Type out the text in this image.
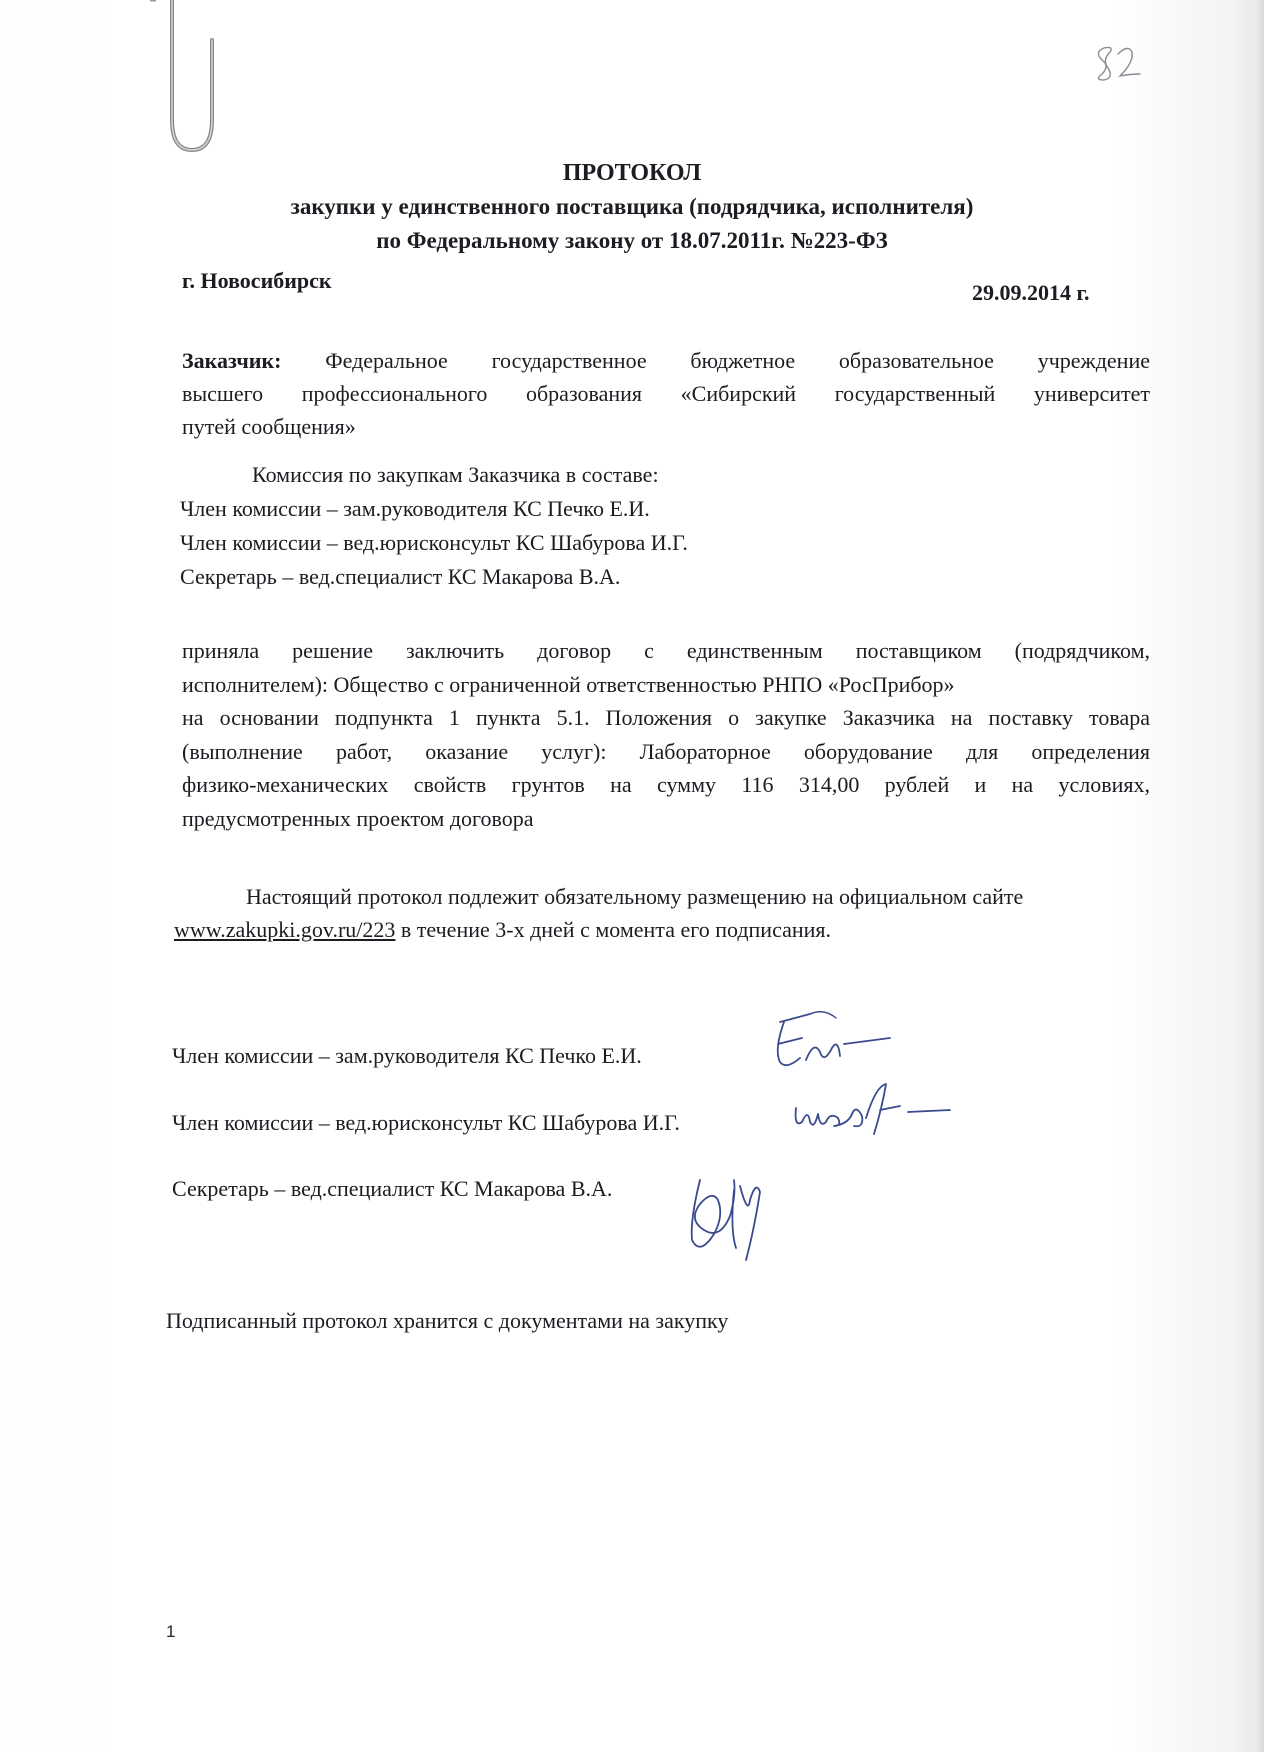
ПРОТОКОЛ
закупки у единственного поставщика (подрядчика, исполнителя)
по Федеральному закону от 18.07.2011г. №223-ФЗ
г. Новосибирск	29.09.2014 г.
Заказчик: Федеральное государственное бюджетное образовательное учреждение
высшего профессионального образования «Сибирский государственный университет
путей сообщения»
Комиссия по закупкам Заказчика в составе:
Член комиссии – зам.руководителя КС Печко Е.И.
Член комиссии – вед.юрисконсульт КС Шабурова И.Г.
Секретарь – вед.специалист КС Макарова В.А.
приняла решение заключить договор с единственным поставщиком (подрядчиком,
исполнителем): Общество с ограниченной ответственностью РНПО «РосПрибор»
на основании подпункта 1 пункта 5.1. Положения о закупке Заказчика на поставку товара
(выполнение работ, оказание услуг): Лабораторное оборудование для определения
физико-механических свойств грунтов на сумму 116 314,00 рублей и на условиях,
предусмотренных проектом договора
Настоящий протокол подлежит обязательному размещению на официальном сайте
www.zakupki.gov.ru/223 в течение 3-х дней с момента его подписания.
Член комиссии – зам.руководителя КС Печко Е.И.
Член комиссии – вед.юрисконсульт КС Шабурова И.Г.
Секретарь – вед.специалист КС Макарова В.А.
Подписанный протокол хранится с документами на закупку
1
